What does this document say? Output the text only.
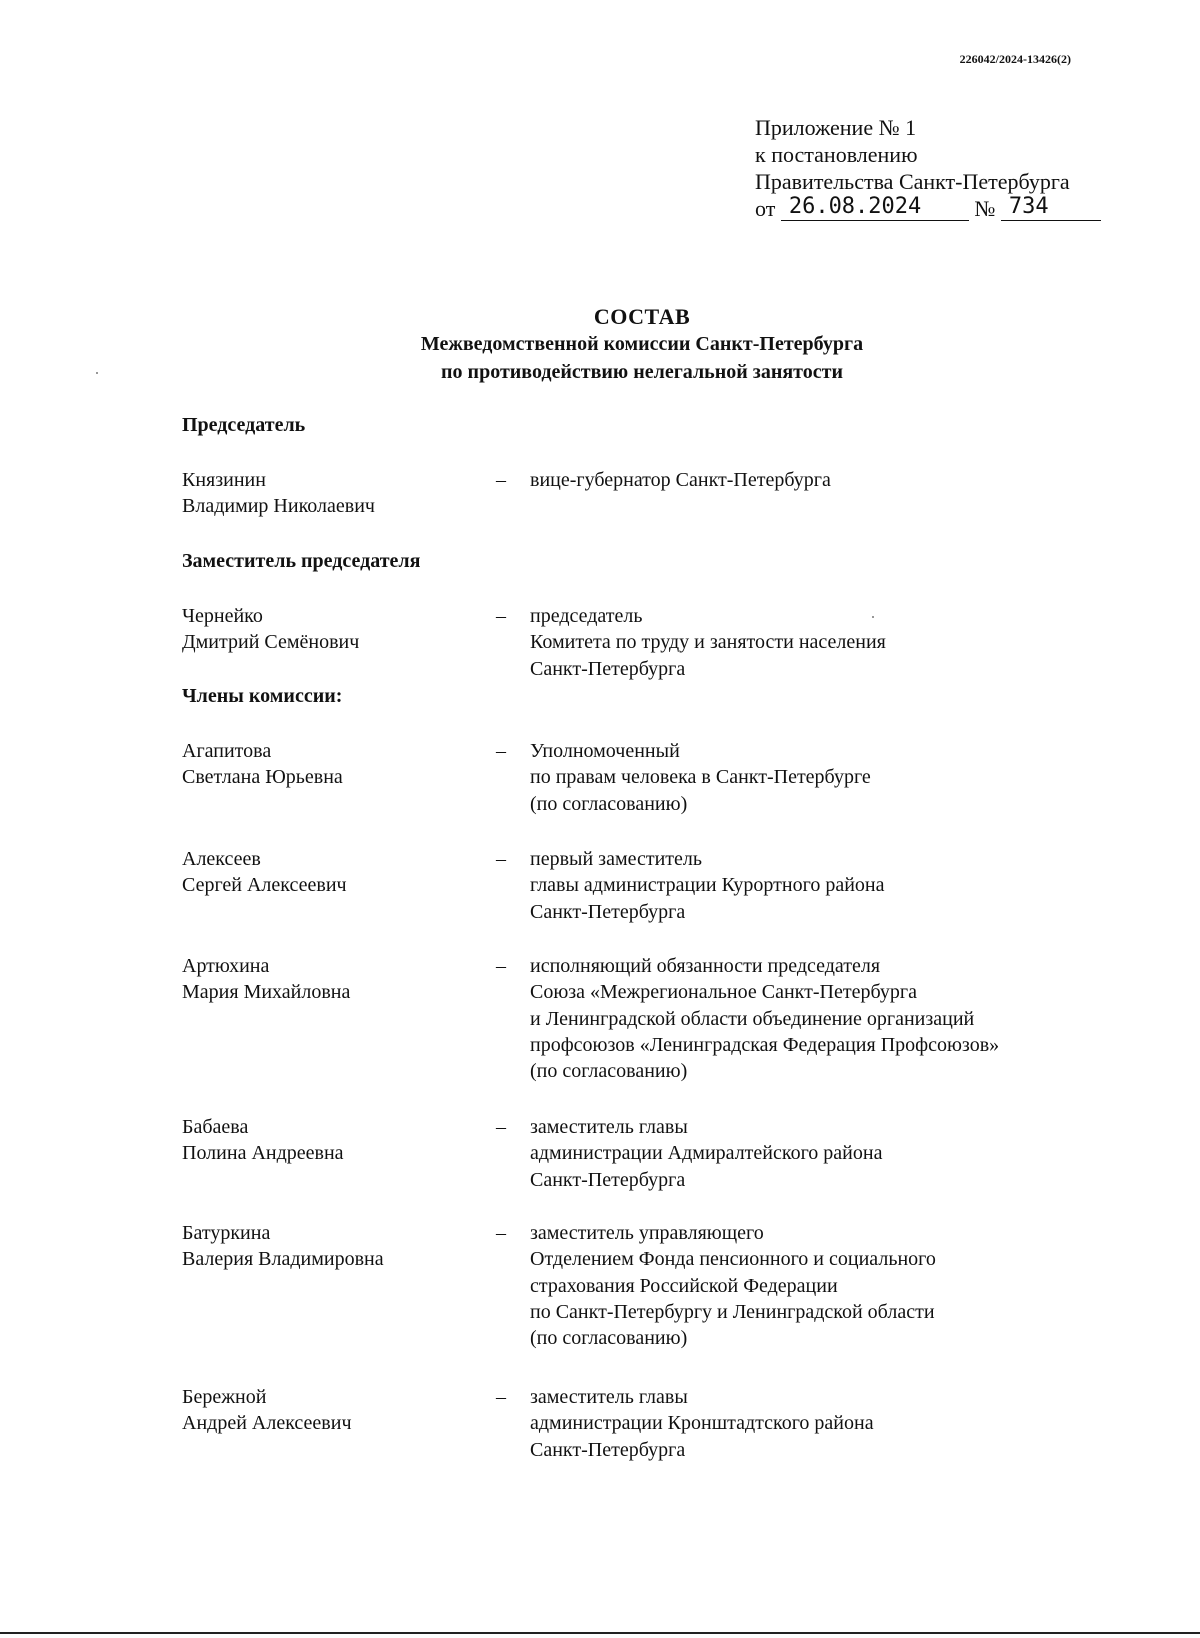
226042/2024-13426(2)
Приложение № 1
к постановлению
Правительства Санкт-Петербурга
от 26.08.2024 № 734
СОСТАВ
Межведомственной комиссии Санкт-Петербурга
по противодействию нелегальной занятости
Председатель
Князинин
Владимир Николаевич
– вице-губернатор Санкт-Петербурга
Заместитель председателя
Чернейко
Дмитрий Семёнович
– председатель
Комитета по труду и занятости населения
Санкт-Петербурга
Члены комиссии:
Агапитова
Светлана Юрьевна
– Уполномоченный
по правам человека в Санкт-Петербурге
(по согласованию)
Алексеев
Сергей Алексеевич
– первый заместитель
главы администрации Курортного района
Санкт-Петербурга
Артюхина
Мария Михайловна
– исполняющий обязанности председателя
Союза «Межрегиональное Санкт-Петербурга
и Ленинградской области объединение организаций
профсоюзов «Ленинградская Федерация Профсоюзов»
(по согласованию)
Бабаева
Полина Андреевна
– заместитель главы
администрации Адмиралтейского района
Санкт-Петербурга
Батуркина
Валерия Владимировна
– заместитель управляющего
Отделением Фонда пенсионного и социального
страхования Российской Федерации
по Санкт-Петербургу и Ленинградской области
(по согласованию)
Бережной
Андрей Алексеевич
– заместитель главы
администрации Кронштадтского района
Санкт-Петербурга
